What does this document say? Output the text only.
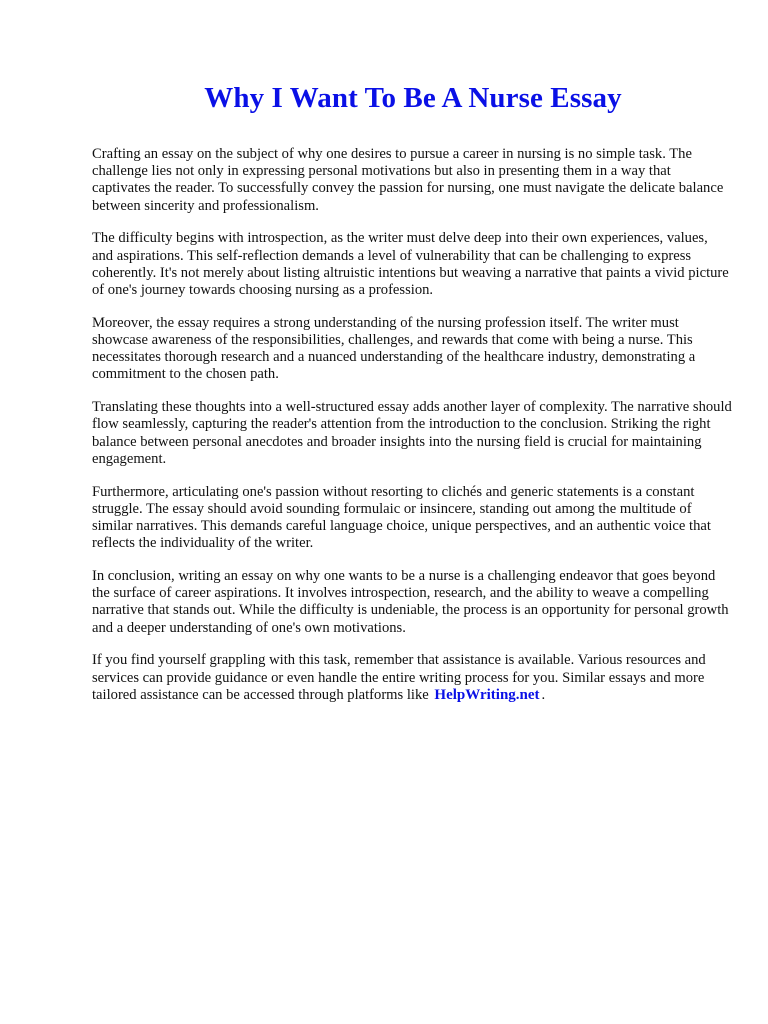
Why I Want To Be A Nurse Essay

Crafting an essay on the subject of why one desires to pursue a career in nursing is no simple task. The challenge lies not only in expressing personal motivations but also in presenting them in a way that captivates the reader. To successfully convey the passion for nursing, one must navigate the delicate balance between sincerity and professionalism.

The difficulty begins with introspection, as the writer must delve deep into their own experiences, values, and aspirations. This self-reflection demands a level of vulnerability that can be challenging to express coherently. It's not merely about listing altruistic intentions but weaving a narrative that paints a vivid picture of one's journey towards choosing nursing as a profession.

Moreover, the essay requires a strong understanding of the nursing profession itself. The writer must showcase awareness of the responsibilities, challenges, and rewards that come with being a nurse. This necessitates thorough research and a nuanced understanding of the healthcare industry, demonstrating a commitment to the chosen path.

Translating these thoughts into a well-structured essay adds another layer of complexity. The narrative should flow seamlessly, capturing the reader's attention from the introduction to the conclusion. Striking the right balance between personal anecdotes and broader insights into the nursing field is crucial for maintaining engagement.

Furthermore, articulating one's passion without resorting to clichés and generic statements is a constant struggle. The essay should avoid sounding formulaic or insincere, standing out among the multitude of similar narratives. This demands careful language choice, unique perspectives, and an authentic voice that reflects the individuality of the writer.

In conclusion, writing an essay on why one wants to be a nurse is a challenging endeavor that goes beyond the surface of career aspirations. It involves introspection, research, and the ability to weave a compelling narrative that stands out. While the difficulty is undeniable, the process is an opportunity for personal growth and a deeper understanding of one's own motivations.

If you find yourself grappling with this task, remember that assistance is available. Various resources and services can provide guidance or even handle the entire writing process for you. Similar essays and more tailored assistance can be accessed through platforms like HelpWriting.net .
